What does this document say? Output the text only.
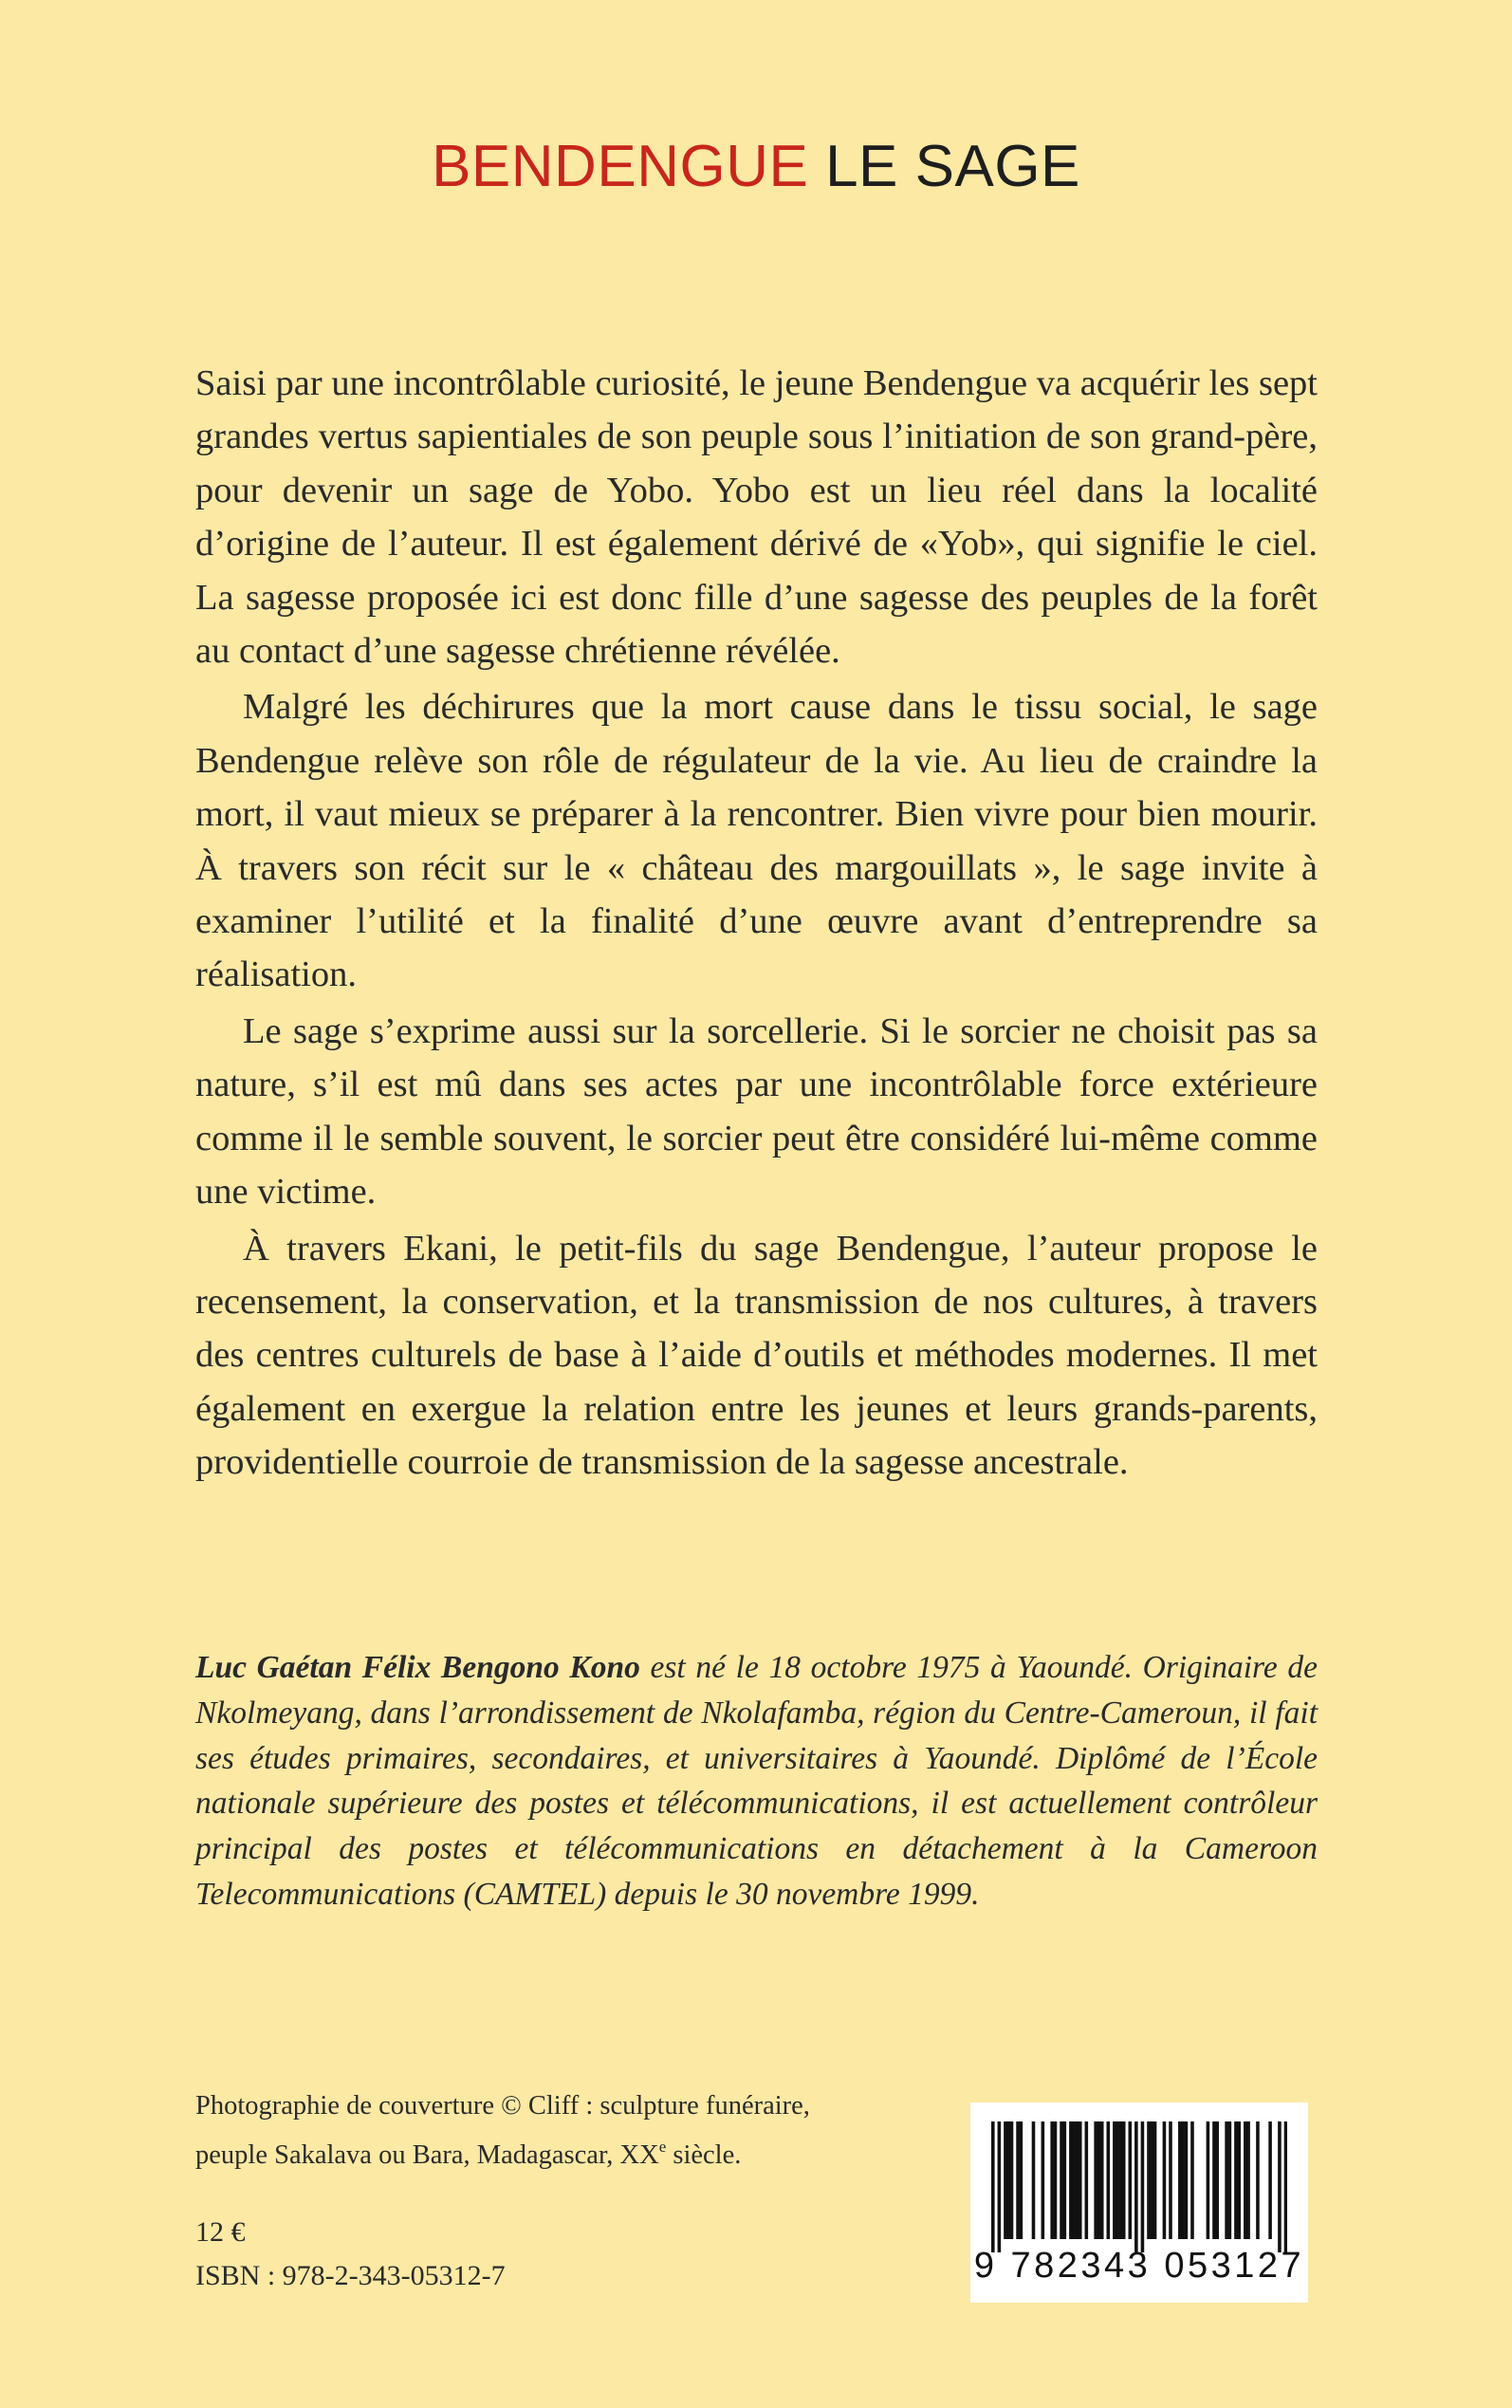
BENDENGUE LE SAGE

Saisi par une incontrôlable curiosité, le jeune Bendengue va acquérir les sept grandes vertus sapientiales de son peuple sous l’initiation de son grand-père, pour devenir un sage de Yobo. Yobo est un lieu réel dans la localité d’origine de l’auteur. Il est également dérivé de «Yob», qui signifie le ciel. La sagesse proposée ici est donc fille d’une sagesse des peuples de la forêt au contact d’une sagesse chrétienne révélée.

Malgré les déchirures que la mort cause dans le tissu social, le sage Bendengue relève son rôle de régulateur de la vie. Au lieu de craindre la mort, il vaut mieux se préparer à la rencontrer. Bien vivre pour bien mourir. À travers son récit sur le « château des margouillats », le sage invite à examiner l’utilité et la finalité d’une œuvre avant d’entreprendre sa réalisation.

Le sage s’exprime aussi sur la sorcellerie. Si le sorcier ne choisit pas sa nature, s’il est mû dans ses actes par une incontrôlable force extérieure comme il le semble souvent, le sorcier peut être considéré lui-même comme une victime.

À travers Ekani, le petit-fils du sage Bendengue, l’auteur propose le recensement, la conservation, et la transmission de nos cultures, à travers des centres culturels de base à l’aide d’outils et méthodes modernes. Il met également en exergue la relation entre les jeunes et leurs grands-parents, providentielle courroie de transmission de la sagesse ancestrale.

Luc Gaétan Félix Bengono Kono est né le 18 octobre 1975 à Yaoundé. Originaire de Nkolmeyang, dans l’arrondissement de Nkolafamba, région du Centre-Cameroun, il fait ses études primaires, secondaires, et universitaires à Yaoundé. Diplômé de l’École nationale supérieure des postes et télécommunications, il est actuellement contrôleur principal des postes et télécommunications en détachement à la Cameroon Telecommunications (CAMTEL) depuis le 30 novembre 1999.
Photographie de couverture © Cliff : sculpture funéraire,
peuple Sakalava ou Bara, Madagascar, XXe siècle.
12 €
ISBN : 978-2-343-05312-7	9 782343 053127
